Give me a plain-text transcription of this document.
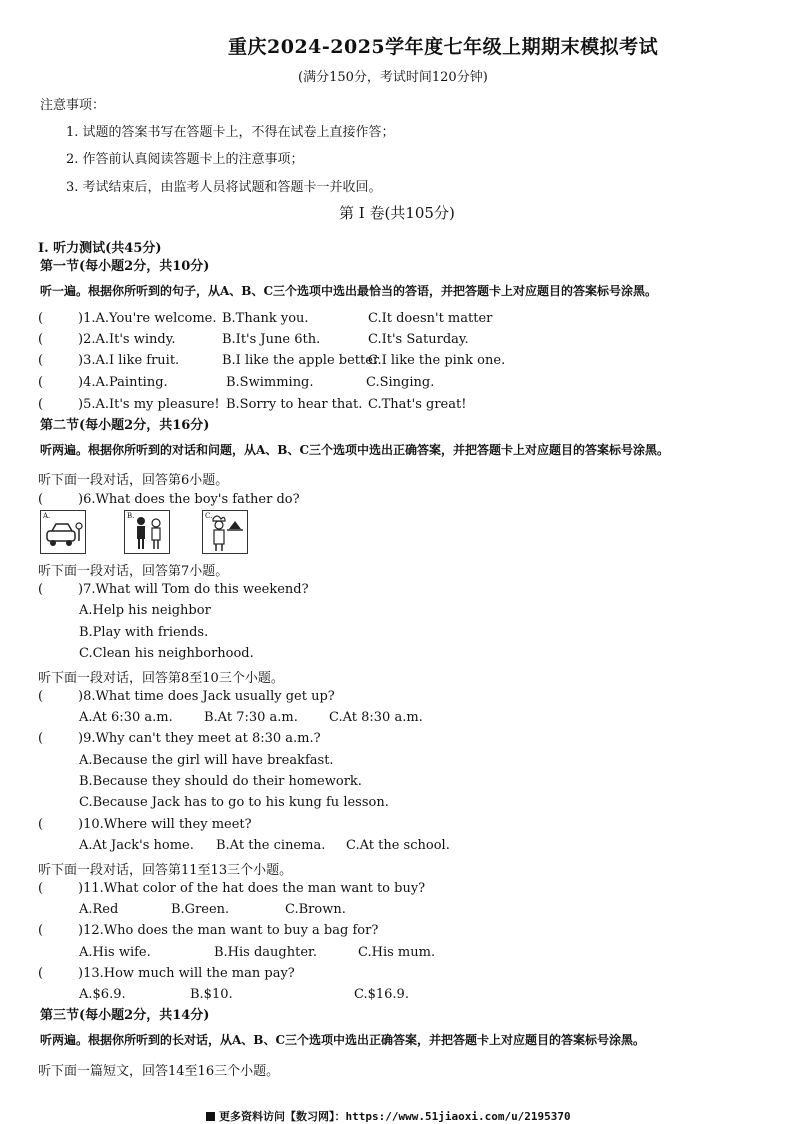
重庆2024-2025学年度七年级上期期末模拟考试
(满分150分，考试时间120分钟)
注意事项：
1. 试题的答案书写在答题卡上，不得在试卷上直接作答；
2. 作答前认真阅读答题卡上的注意事项；
3. 考试结束后，由监考人员将试题和答题卡一并收回。
第 I 卷(共105分)
I. 听力测试(共45分)
第一节(每小题2分，共10分)
听一遍。根据你所听到的句子，从A、B、C三个选项中选出最恰当的答语，并把答题卡上对应题目的答案标号涂黑。
(	)1.A.You're welcome. B.Thank you.	C.It doesn't matter
(	)2.A.It's windy.	B.It's June 6th.	C.It's Saturday.
(	)3.A.I like fruit.	B.I like the apple better
C.I like the pink one.
(	)4.A.Painting.	B.Swimming.	C.Singing.
(	)5.A.It's my pleasure! B.Sorry to hear that. C.That's great!
第二节(每小题2分，共16分)
听两遍。根据你所听到的对话和问题，从A、B、C三个选项中选出正确答案，并把答题卡上对应题目的答案标号涂黑。
听下面一段对话，回答第6小题。
(	)6.What does the boy's father do?
A.	B.	C.
听下面一段对话，回答第7小题。
(	)7.What will Tom do this weekend?
A.Help his neighbor
B.Play with friends.
C.Clean his neighborhood.
听下面一段对话，回答第8至10三个小题。
(	)8.What time does Jack usually get up?
A.At 6:30 a.m. B.At 7:30 a.m. C.At 8:30 a.m.
(	)9.Why can't they meet at 8:30 a.m.?
A.Because the girl will have breakfast.
B.Because they should do their homework.
C.Because Jack has to go to his kung fu lesson.
(	)10.Where will they meet?
A.At Jack's home. B.At the cinema. C.At the school.
听下面一段对话，回答第11至13三个小题。
(	)11.What color of the hat does the man want to buy?
A.Red	B.Green.	C.Brown.
(	)12.Who does the man want to buy a bag for?
A.His wife.	B.His daughter.	C.His mum.
(	)13.How much will the man pay?
A.$6.9.	B.$10.	C.$16.9.
第三节(每小题2分，共14分)
听两遍。根据你所听到的长对话，从A、B、C三个选项中选出正确答案，并把答题卡上对应题目的答案标号涂黑。
听下面一篇短文，回答14至16三个小题。
更多资料访问【数习网】：https://www.51jiaoxi.com/u/2195370
